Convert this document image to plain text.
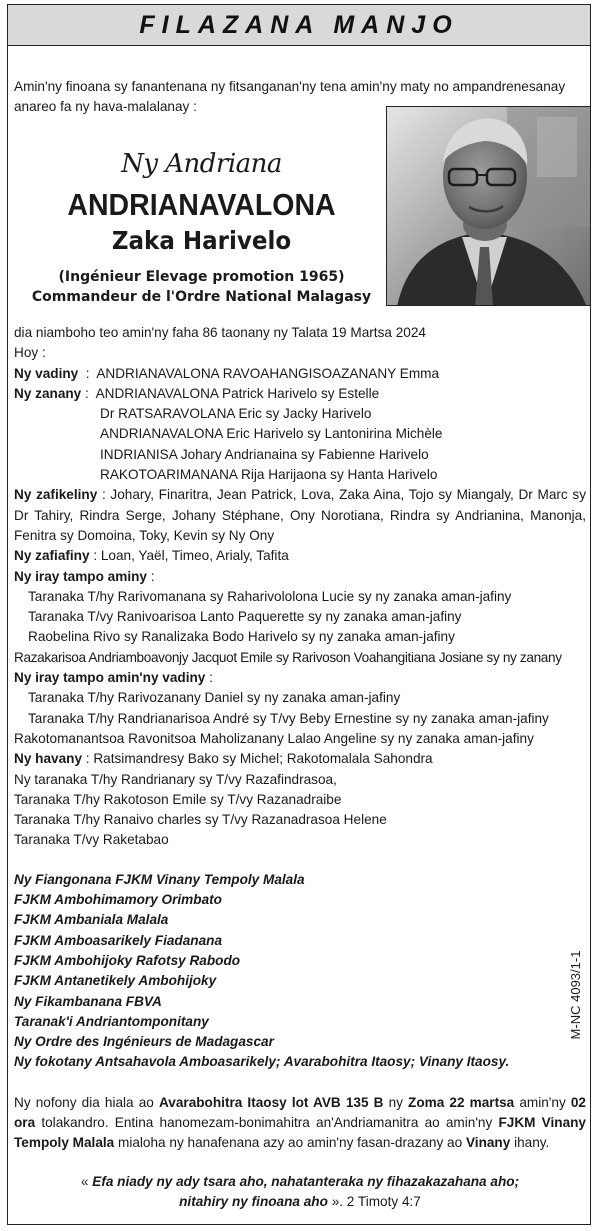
FILAZANA MANJO
Amin'ny finoana sy fanantenana ny fitsanganan'ny tena amin'ny maty no ampandrenesanay anareo fa ny hava-malalanay :
Ny Andriana
ANDRIANAVALONA
Zaka Harivelo
(Ingénieur Elevage promotion 1965)
Commandeur de l'Ordre National Malagasy
dia niamboho teo amin'ny faha 86 taonany ny Talata 19 Martsa 2024
Hoy :
Ny vadiny  :  ANDRIANAVALONA RAVOAHANGISOAZANANY Emma
Ny zanany :  ANDRIANAVALONA Patrick Harivelo sy Estelle
Dr RATSARAVOLANA Eric sy Jacky Harivelo
ANDRIANAVALONA Eric Harivelo sy Lantonirina Michèle
INDRIANISA Johary Andrianaina sy Fabienne Harivelo
RAKOTOARIMANANA Rija Harijaona sy Hanta Harivelo
Ny zafikeliny : Johary, Finaritra, Jean Patrick, Lova, Zaka Aina, Tojo sy Miangaly, Dr Marc sy Dr Tahiry, Rindra Serge, Johany Stéphane, Ony Norotiana, Rindra sy Andrianina, Manonja, Fenitra sy Domoina, Toky, Kevin sy Ny Ony
Ny zafiafiny : Loan, Yaël, Timeo, Arialy, Tafita
Ny iray tampo aminy :
Taranaka T/hy Rarivomanana sy Raharivololona Lucie sy ny zanaka aman-jafiny
Taranaka T/vy Ranivoarisoa Lanto Paquerette sy ny zanaka aman-jafiny
Raobelina Rivo sy Ranalizaka Bodo Harivelo sy ny zanaka aman-jafiny
Razakarisoa Andriamboavonjy Jacquot Emile sy Rarivoson Voahangitiana Josiane sy ny zanany
Ny iray tampo amin'ny vadiny :
Taranaka T/hy Rarivozanany Daniel sy ny zanaka aman-jafiny
Taranaka T/hy Randrianarisoa André sy T/vy Beby Ernestine sy ny zanaka aman-jafiny
Rakotomanantsoa Ravonitsoa Maholizanany Lalao Angeline sy ny zanaka aman-jafiny
Ny havany : Ratsimandresy Bako sy Michel; Rakotomalala Sahondra
Ny taranaka T/hy Randrianary sy T/vy Razafindrasoa,
Taranaka T/hy Rakotoson Emile sy T/vy Razanadraibe
Taranaka T/hy Ranaivo charles sy T/vy Razanadrasoa Helene
Taranaka T/vy Raketabao
Ny Fiangonana FJKM Vinany Tempoly Malala
FJKM Ambohimamory Orimbato
FJKM Ambaniala Malala
FJKM Amboasarikely Fiadanana
FJKM Ambohijoky Rafotsy Rabodo
FJKM Antanetikely Ambohijoky
Ny Fikambanana FBVA
Taranak'i Andriantomponitany
Ny Ordre des Ingénieurs de Madagascar
Ny fokotany Antsahavola Amboasarikely; Avarabohitra Itaosy; Vinany Itaosy.
Ny nofony dia hiala ao Avarabohitra Itaosy lot AVB 135 B ny Zoma 22 martsa amin'ny 02 ora tolakandro. Entina hanomezam-bonimahitra an'Andriamanitra ao amin'ny FJKM Vinany Tempoly Malala mialoha ny hanafenana azy ao amin'ny fasan-drazany ao Vinany ihany.
« Efa niady ny ady tsara aho, nahatanteraka ny fihazakazahana aho;
nitahiry ny finoana aho ». 2 Timoty 4:7
M-NC 4093/1-1
